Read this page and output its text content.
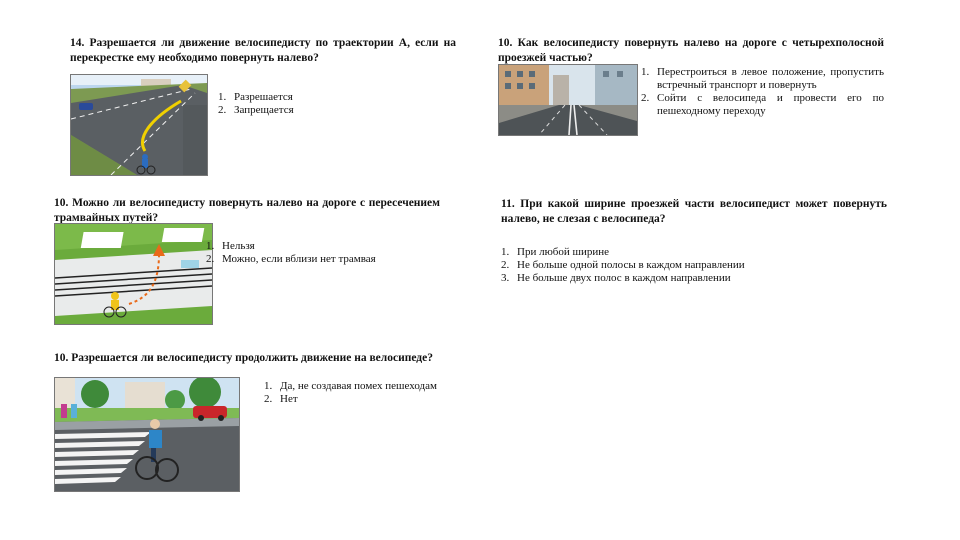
14. Разрешается ли движение велосипедисту по траектории А, если на перекрестке ему необходимо повернуть налево?

1. Разрешается
2. Запрещается

10. Как велосипедисту повернуть налево на дороге с четырехполосной проезжей частью?

1. Перестроиться в левое положение, пропустить встречный транспорт и повернуть
2. Сойти с велосипеда и провести его по пешеходному переходу

10. Можно ли велосипедисту повернуть налево на дороге с пересечением трамвайных путей?

1. Нельзя
2. Можно, если вблизи нет трамвая

11. При какой ширине проезжей части велосипедист может повернуть налево, не слезая с велосипеда?

1. При любой ширине
2. Не больше одной полосы в каждом направлении
3. Не больше двух полос в каждом направлении

10. Разрешается ли велосипедисту продолжить движение на велосипеде?

1. Да, не создавая помех пешеходам
2. Нет
